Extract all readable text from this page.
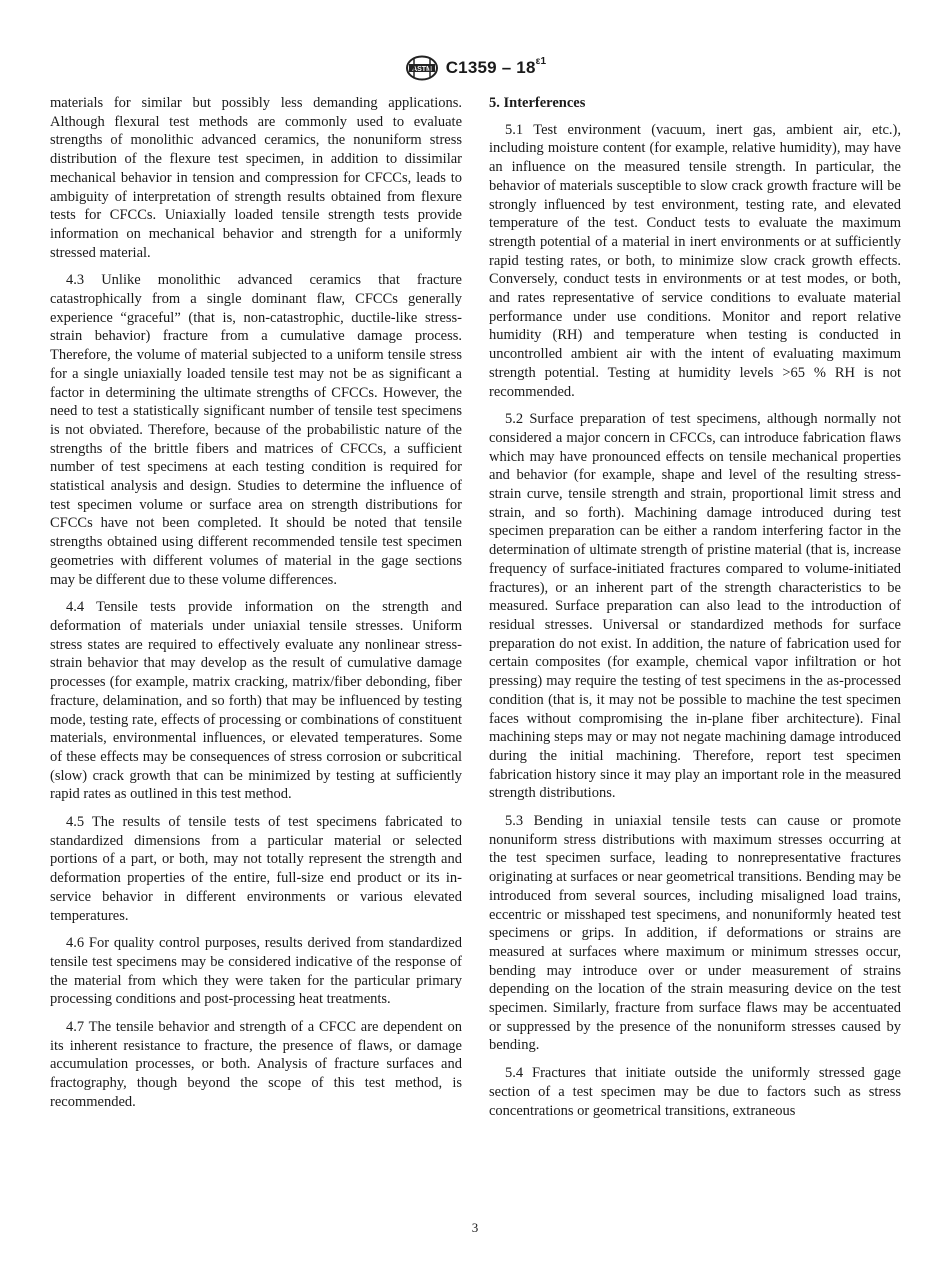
ASTM $C1359 - 18^{\varepsilon 1}$

materials for similar but possibly less demanding applications. Although flexural test methods are commonly used to evaluate strengths of monolithic advanced ceramics, the nonuniform stress distribution of the flexure test specimen, in addition to dissimilar mechanical behavior in tension and compression for CFCCs, leads to ambiguity of interpretation of strength results obtained from flexure tests for CFCCs. Uniaxially loaded tensile strength tests provide information on mechanical behavior and strength for a uniformly stressed material.

4.3 Unlike monolithic advanced ceramics that fracture catastrophically from a single dominant flaw, CFCCs generally experience “graceful” (that is, non-catastrophic, ductile-like stress-strain behavior) fracture from a cumulative damage process. Therefore, the volume of material subjected to a uniform tensile stress for a single uniaxially loaded tensile test may not be as significant a factor in determining the ultimate strengths of CFCCs. However, the need to test a statistically significant number of tensile test specimens is not obviated. Therefore, because of the probabilistic nature of the strengths of the brittle fibers and matrices of CFCCs, a sufficient number of test specimens at each testing condition is required for statistical analysis and design. Studies to determine the influence of test specimen volume or surface area on strength distributions for CFCCs have not been completed. It should be noted that tensile strengths obtained using different recommended tensile test specimen geometries with different volumes of material in the gage sections may be different due to these volume differences.

4.4 Tensile tests provide information on the strength and deformation of materials under uniaxial tensile stresses. Uniform stress states are required to effectively evaluate any nonlinear stress-strain behavior that may develop as the result of cumulative damage processes (for example, matrix cracking, matrix/fiber debonding, fiber fracture, delamination, and so forth) that may be influenced by testing mode, testing rate, effects of processing or combinations of constituent materials, environmental influences, or elevated temperatures. Some of these effects may be consequences of stress corrosion or subcritical (slow) crack growth that can be minimized by testing at sufficiently rapid rates as outlined in this test method.

4.5 The results of tensile tests of test specimens fabricated to standardized dimensions from a particular material or selected portions of a part, or both, may not totally represent the strength and deformation properties of the entire, full-size end product or its in-service behavior in different environments or various elevated temperatures.

4.6 For quality control purposes, results derived from standardized tensile test specimens may be considered indicative of the response of the material from which they were taken for the particular primary processing conditions and post-processing heat treatments.

4.7 The tensile behavior and strength of a CFCC are dependent on its inherent resistance to fracture, the presence of flaws, or damage accumulation processes, or both. Analysis of fracture surfaces and fractography, though beyond the scope of this test method, is recommended.

5. Interferences

5.1 Test environment (vacuum, inert gas, ambient air, etc.), including moisture content (for example, relative humidity), may have an influence on the measured tensile strength. In particular, the behavior of materials susceptible to slow crack growth fracture will be strongly influenced by test environment, testing rate, and elevated temperature of the test. Conduct tests to evaluate the maximum strength potential of a material in inert environments or at sufficiently rapid testing rates, or both, to minimize slow crack growth effects. Conversely, conduct tests in environments or at test modes, or both, and rates representative of service conditions to evaluate material performance under use conditions. Monitor and report relative humidity (RH) and temperature when testing is conducted in uncontrolled ambient air with the intent of evaluating maximum strength potential. Testing at humidity levels >65 % RH is not recommended.

5.2 Surface preparation of test specimens, although normally not considered a major concern in CFCCs, can introduce fabrication flaws which may have pronounced effects on tensile mechanical properties and behavior (for example, shape and level of the resulting stress-strain curve, tensile strength and strain, proportional limit stress and strain, and so forth). Machining damage introduced during test specimen preparation can be either a random interfering factor in the determination of ultimate strength of pristine material (that is, increase frequency of surface-initiated fractures compared to volume-initiated fractures), or an inherent part of the strength characteristics to be measured. Surface preparation can also lead to the introduction of residual stresses. Universal or standardized methods for surface preparation do not exist. In addition, the nature of fabrication used for certain composites (for example, chemical vapor infiltration or hot pressing) may require the testing of test specimens in the as-processed condition (that is, it may not be possible to machine the test specimen faces without compromising the in-plane fiber architecture). Final machining steps may or may not negate machining damage introduced during the initial machining. Therefore, report test specimen fabrication history since it may play an important role in the measured strength distributions.

5.3 Bending in uniaxial tensile tests can cause or promote nonuniform stress distributions with maximum stresses occurring at the test specimen surface, leading to nonrepresentative fractures originating at surfaces or near geometrical transitions. Bending may be introduced from several sources, including misaligned load trains, eccentric or misshaped test specimens, and nonuniformly heated test specimens or grips. In addition, if deformations or strains are measured at surfaces where maximum or minimum stresses occur, bending may introduce over or under measurement of strains depending on the location of the strain measuring device on the test specimen. Similarly, fracture from surface flaws may be accentuated or suppressed by the presence of the nonuniform stresses caused by bending.

5.4 Fractures that initiate outside the uniformly stressed gage section of a test specimen may be due to factors such as stress concentrations or geometrical transitions, extraneous

3
